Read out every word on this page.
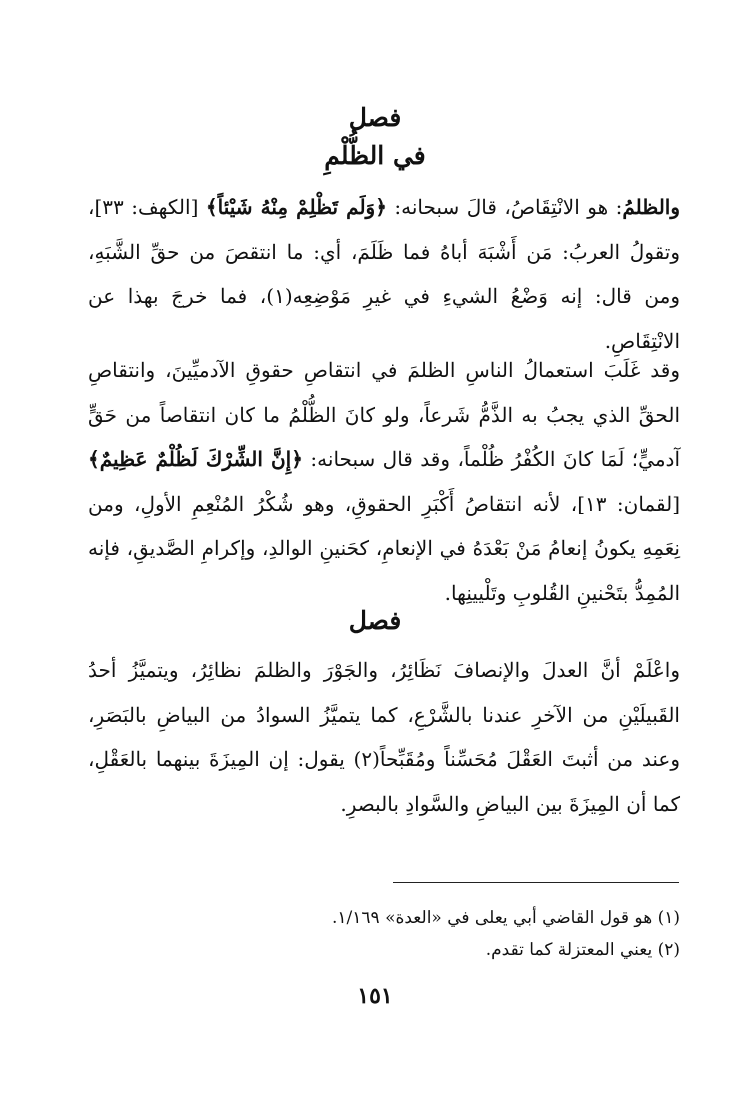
فصل
في الظُّلْمِ

والظلمُ: هو الانْتِقَاصُ، قالَ سبحانه: ﴿وَلَم تَظْلِمْ مِنْهُ شَيْئاً﴾ [الكهف: ٣٣]، وتقولُ العربُ: مَن أَشْبَهَ أباهُ فما ظَلَمَ، أي: ما انتقصَ من حقِّ الشَّبَهِ، ومن قال: إنه وَضْعُ الشيءِ في غيرِ مَوْضِعِه(١)، فما خرجَ بهذا عن الانْتِقَاصِ.

وقد غَلَبَ استعمالُ الناسِ الظلمَ في انتقاصِ حقوقِ الآدميِّينَ، وانتقاصِ الحقِّ الذي يجبُ به الذَّمُّ شَرعاً، ولو كانَ الظُّلْمُ ما كان انتقاصاً من حَقٍّ آدميٍّ؛ لَمَا كانَ الكُفْرُ ظُلْماً، وقد قال سبحانه: ﴿إِنَّ الشِّرْكَ لَظُلْمٌ عَظِيمٌ﴾ [لقمان: ١٣]، لأنه انتقاصُ أَكْبَرِ الحقوقِ، وهو شُكْرُ المُنْعِمِ الأولِ، ومن نِعَمِهِ يكونُ إنعامُ مَنْ بَعْدَهُ في الإنعامِ، كحَنينِ الوالدِ، وإكرامِ الصَّديقِ، فإنه المُمِدُّ بتَحْنينِ القُلوبِ وتَلْيينِها.

فصل

واعْلَمْ أنَّ العدلَ والإنصافَ نَظَائِرُ، والجَوْرَ والظلمَ نظائِرُ، ويتميَّزُ أحدُ القَبيلَيْنِ من الآخرِ عندنا بالشَّرْعِ، كما يتميَّزُ السوادُ من البياضِ بالبَصَرِ، وعند من أثبتَ العَقْلَ مُحَسِّناً ومُقَبِّحاً(٢) يقول: إن المِيزَةَ بينهما بالعَقْلِ، كما أن المِيزَةَ بين البياضِ والسَّوادِ بالبصرِ.

(١) هو قول القاضي أبي يعلى في «العدة» ١/١٦٩.
(٢) يعني المعتزلة كما تقدم.
١٥١
